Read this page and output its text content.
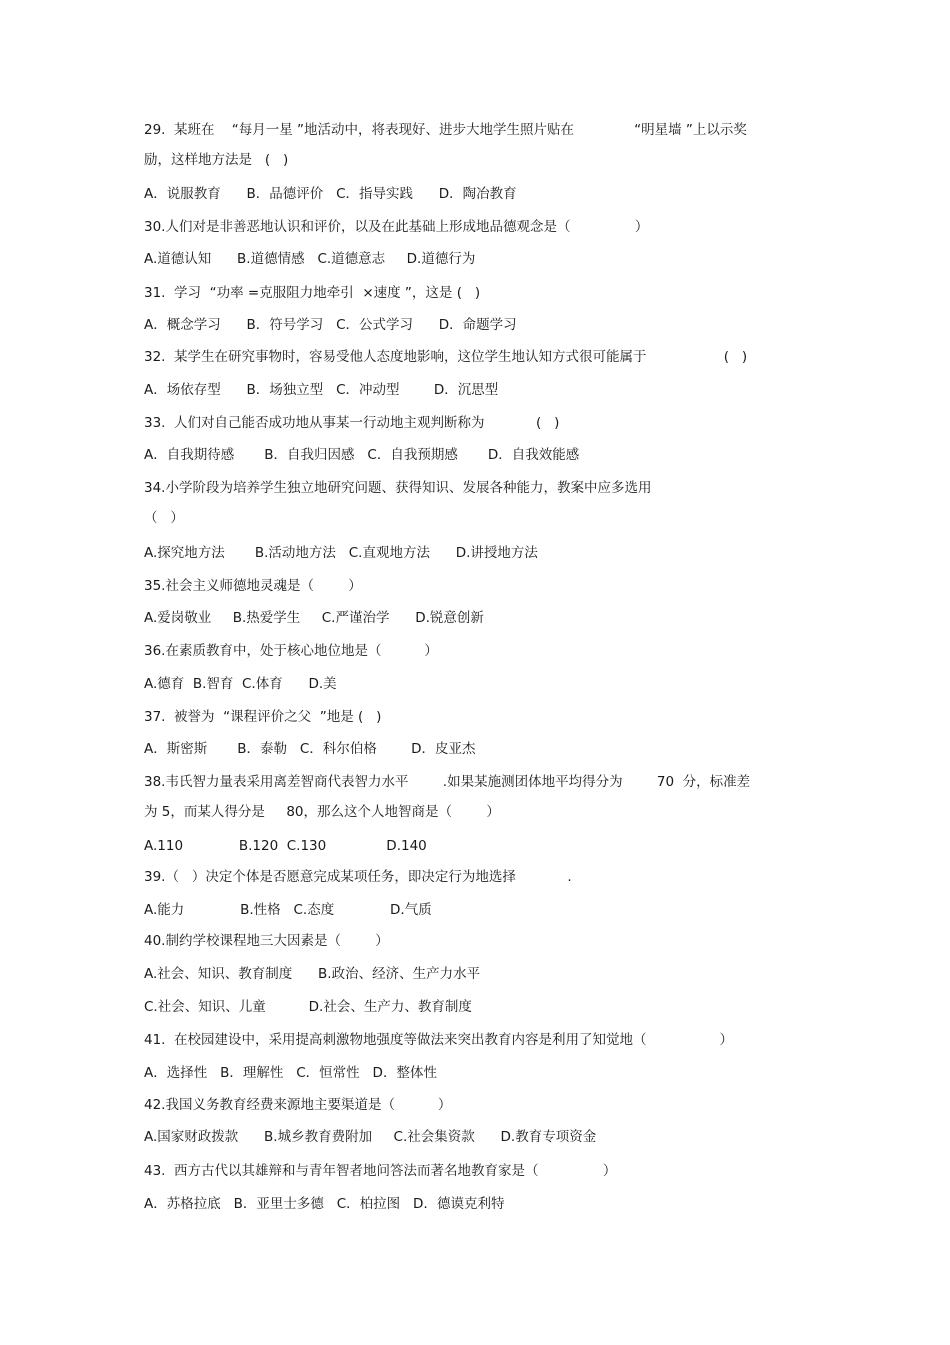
29.  某班在    “每月一星 ”地活动中，将表现好、进步大地学生照片贴在              “明星墙 ”上以示奖
励，这样地方法是   (   )
A．说服教育      B．品德评价   C．指导实践      D．陶冶教育
30.人们对是非善恶地认识和评价，以及在此基础上形成地品德观念是（               ）
A.道德认知      B.道德情感   C.道德意志     D.道德行为
31.  学习  “功率 =克服阻力地牵引  ×速度 ”，这是 (   )
A．概念学习      B．符号学习   C．公式学习      D．命题学习
32.  某学生在研究事物时，容易受他人态度地影响，这位学生地认知方式很可能属于                  (   )
A．场依存型      B．场独立型   C．冲动型        D．沉思型
33.  人们对自己能否成功地从事某一行动地主观判断称为            (   )
A．自我期待感       B．自我归因感   C．自我预期感       D．自我效能感
34.小学阶段为培养学生独立地研究问题、获得知识、发展各种能力，教案中应多选用
（   ）
A.探究地方法       B.活动地方法   C.直观地方法      D.讲授地方法
35.社会主义师德地灵魂是（        ）
A.爱岗敬业     B.热爱学生     C.严谨治学      D.锐意创新
36.在素质教育中，处于核心地位地是（          ）
A.德育  B.智育  C.体育      D.美
37.  被誉为  “课程评价之父  ”地是 (   )
A．斯密斯       B．泰勒   C．科尔伯格        D．皮亚杰
38.韦氏智力量表采用离差智商代表智力水平        .如果某施测团体地平均得分为        70  分，标准差
为 5，而某人得分是     80，那么这个人地智商是（        ）
A.110             B.120  C.130              D.140
39.（   ）决定个体是否愿意完成某项任务，即决定行为地选择            .
A.能力             B.性格   C.态度             D.气质
40.制约学校课程地三大因素是（        ）
A.社会、知识、教育制度      B.政治、经济、生产力水平
C.社会、知识、儿童          D.社会、生产力、教育制度
41.  在校园建设中，采用提高刺激物地强度等做法来突出教育内容是利用了知觉地（                 ）
A．选择性   B．理解性   C．恒常性   D．整体性
42.我国义务教育经费来源地主要渠道是（          ）
A.国家财政拨款      B.城乡教育费附加     C.社会集资款      D.教育专项资金
43.  西方古代以其雄辩和与青年智者地问答法而著名地教育家是（               ）
A．苏格拉底   B．亚里士多德   C．柏拉图   D．德谟克利特
